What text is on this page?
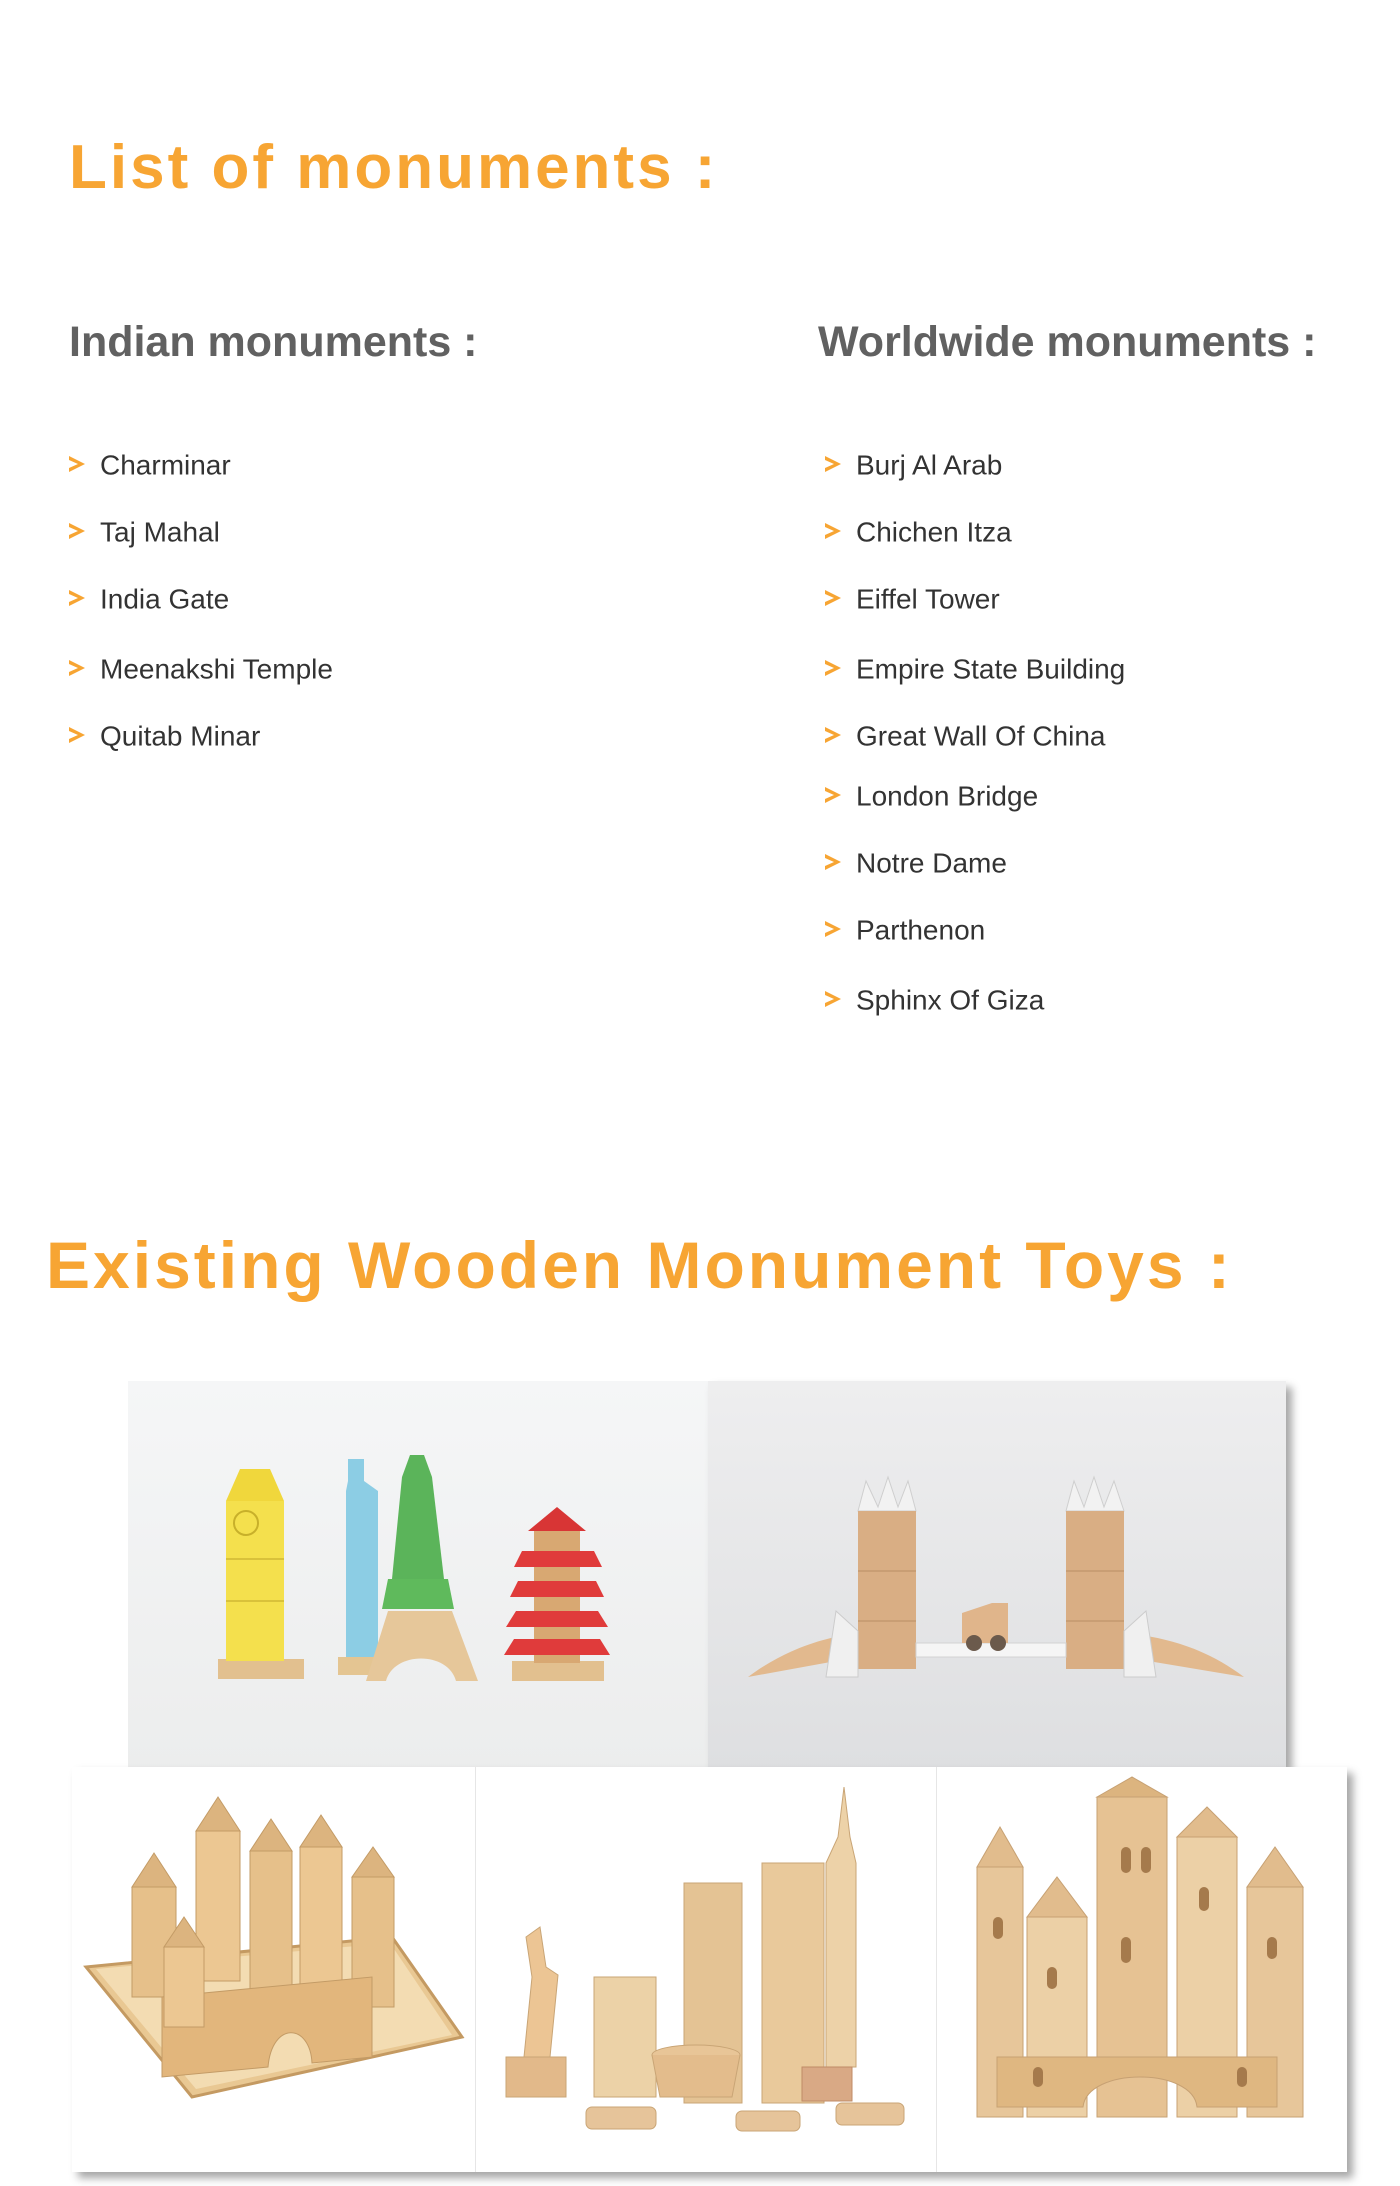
List of monuments :
Indian monuments :	Worldwide monuments :
Charminar
Taj Mahal
India Gate
Meenakshi Temple
Quitab Minar
Burj Al Arab
Chichen Itza
Eiffel Tower
Empire State Building
Great Wall Of China
London Bridge
Notre Dame
Parthenon
Sphinx Of Giza
Existing Wooden Monument Toys :
